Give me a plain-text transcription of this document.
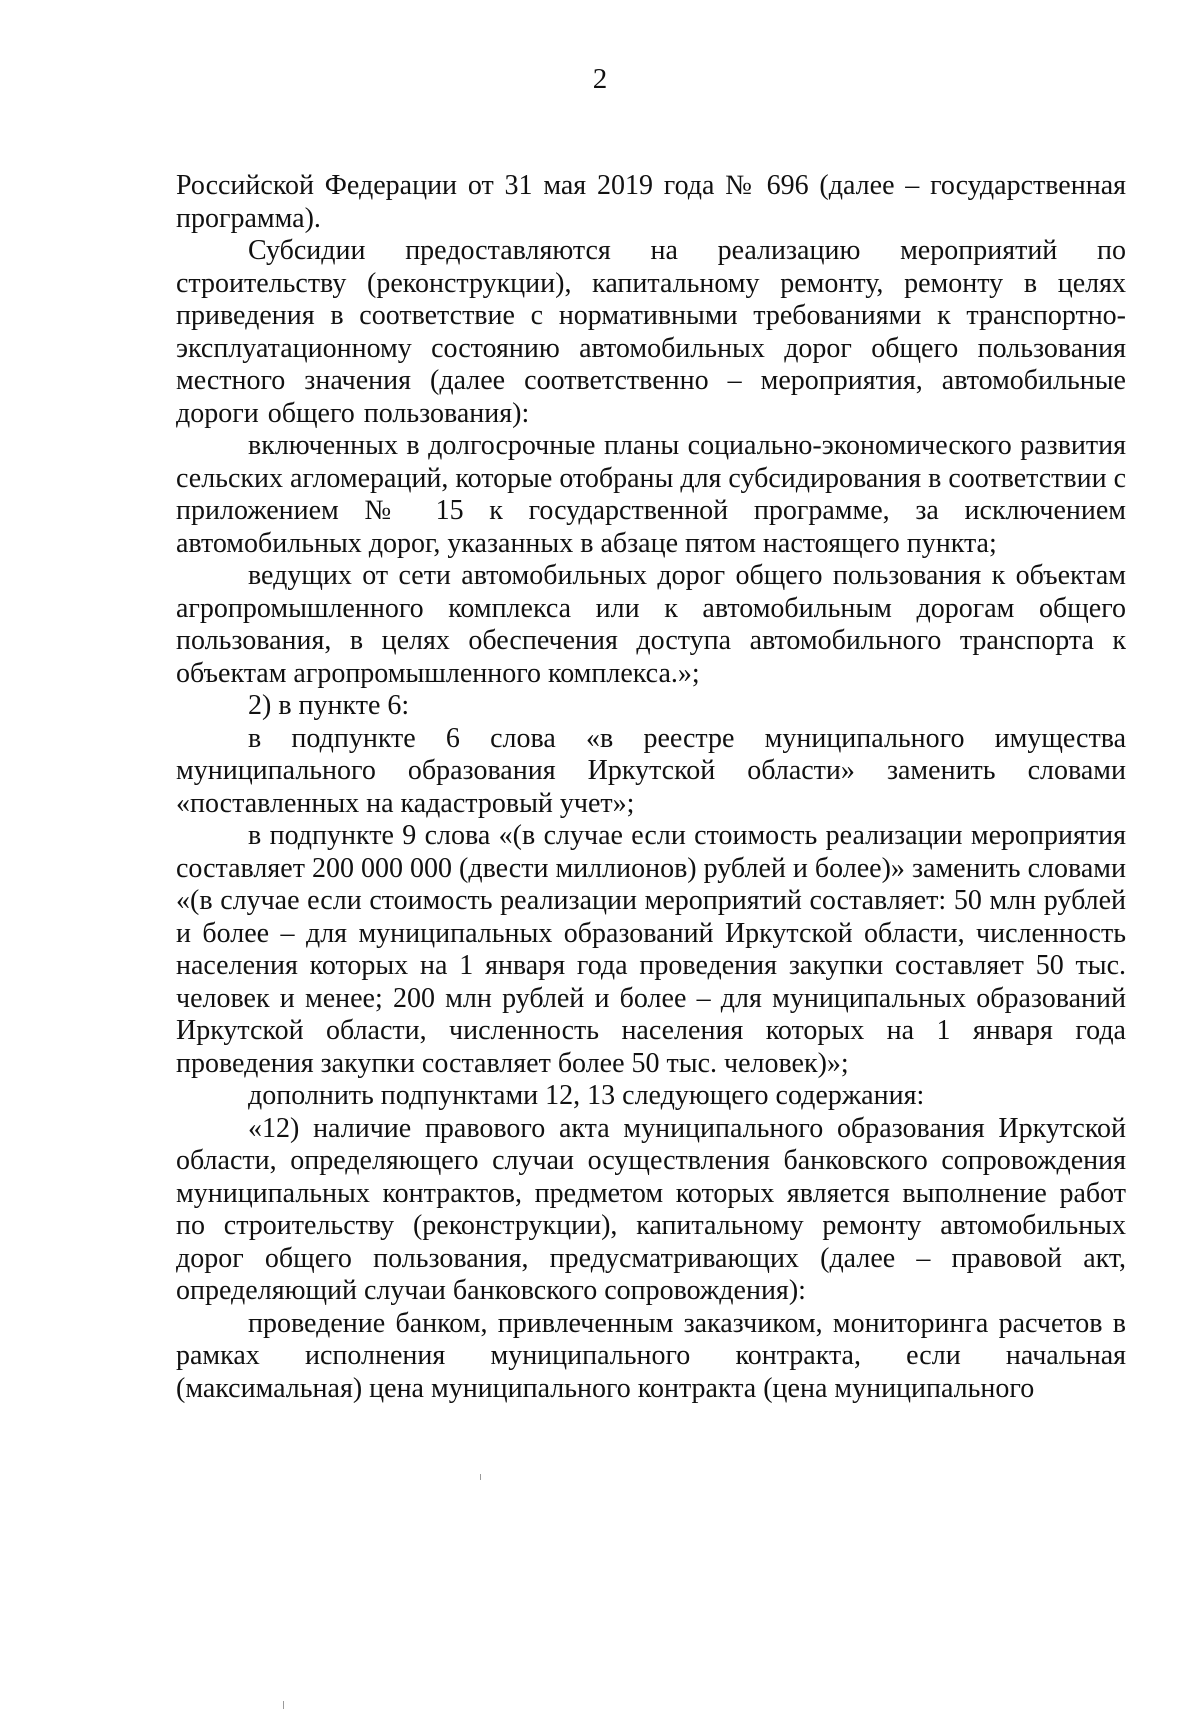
2

Российской Федерации от 31 мая 2019 года № 696 (далее – государственная программа).

Субсидии предоставляются на реализацию мероприятий по строительству (реконструкции), капитальному ремонту, ремонту в целях приведения в соответствие с нормативными требованиями к транспортно-эксплуатационному состоянию автомобильных дорог общего пользования местного значения (далее соответственно – мероприятия, автомобильные дороги общего пользования):

включенных в долгосрочные планы социально-экономического развития сельских агломераций, которые отобраны для субсидирования в соответствии с приложением № 15 к государственной программе, за исключением автомобильных дорог, указанных в абзаце пятом настоящего пункта;

ведущих от сети автомобильных дорог общего пользования к объектам агропромышленного комплекса или к автомобильным дорогам общего пользования, в целях обеспечения доступа автомобильного транспорта к объектам агропромышленного комплекса.»;

2) в пункте 6:

в подпункте 6 слова «в реестре муниципального имущества муниципального образования Иркутской области» заменить словами «поставленных на кадастровый учет»;

в подпункте 9 слова «(в случае если стоимость реализации мероприятия составляет 200 000 000 (двести миллионов) рублей и более)» заменить словами «(в случае если стоимость реализации мероприятий составляет: 50 млн рублей и более – для муниципальных образований Иркутской области, численность населения которых на 1 января года проведения закупки составляет 50 тыс. человек и менее; 200 млн рублей и более – для муниципальных образований Иркутской области, численность населения которых на 1 января года проведения закупки составляет более 50 тыс. человек)»;

дополнить подпунктами 12, 13 следующего содержания:

«12) наличие правового акта муниципального образования Иркутской области, определяющего случаи осуществления банковского сопровождения муниципальных контрактов, предметом которых является выполнение работ по строительству (реконструкции), капитальному ремонту автомобильных дорог общего пользования, предусматривающих (далее – правовой акт, определяющий случаи банковского сопровождения):

проведение банком, привлеченным заказчиком, мониторинга расчетов в рамках исполнения муниципального контракта, если начальная (максимальная) цена муниципального контракта (цена муниципального
